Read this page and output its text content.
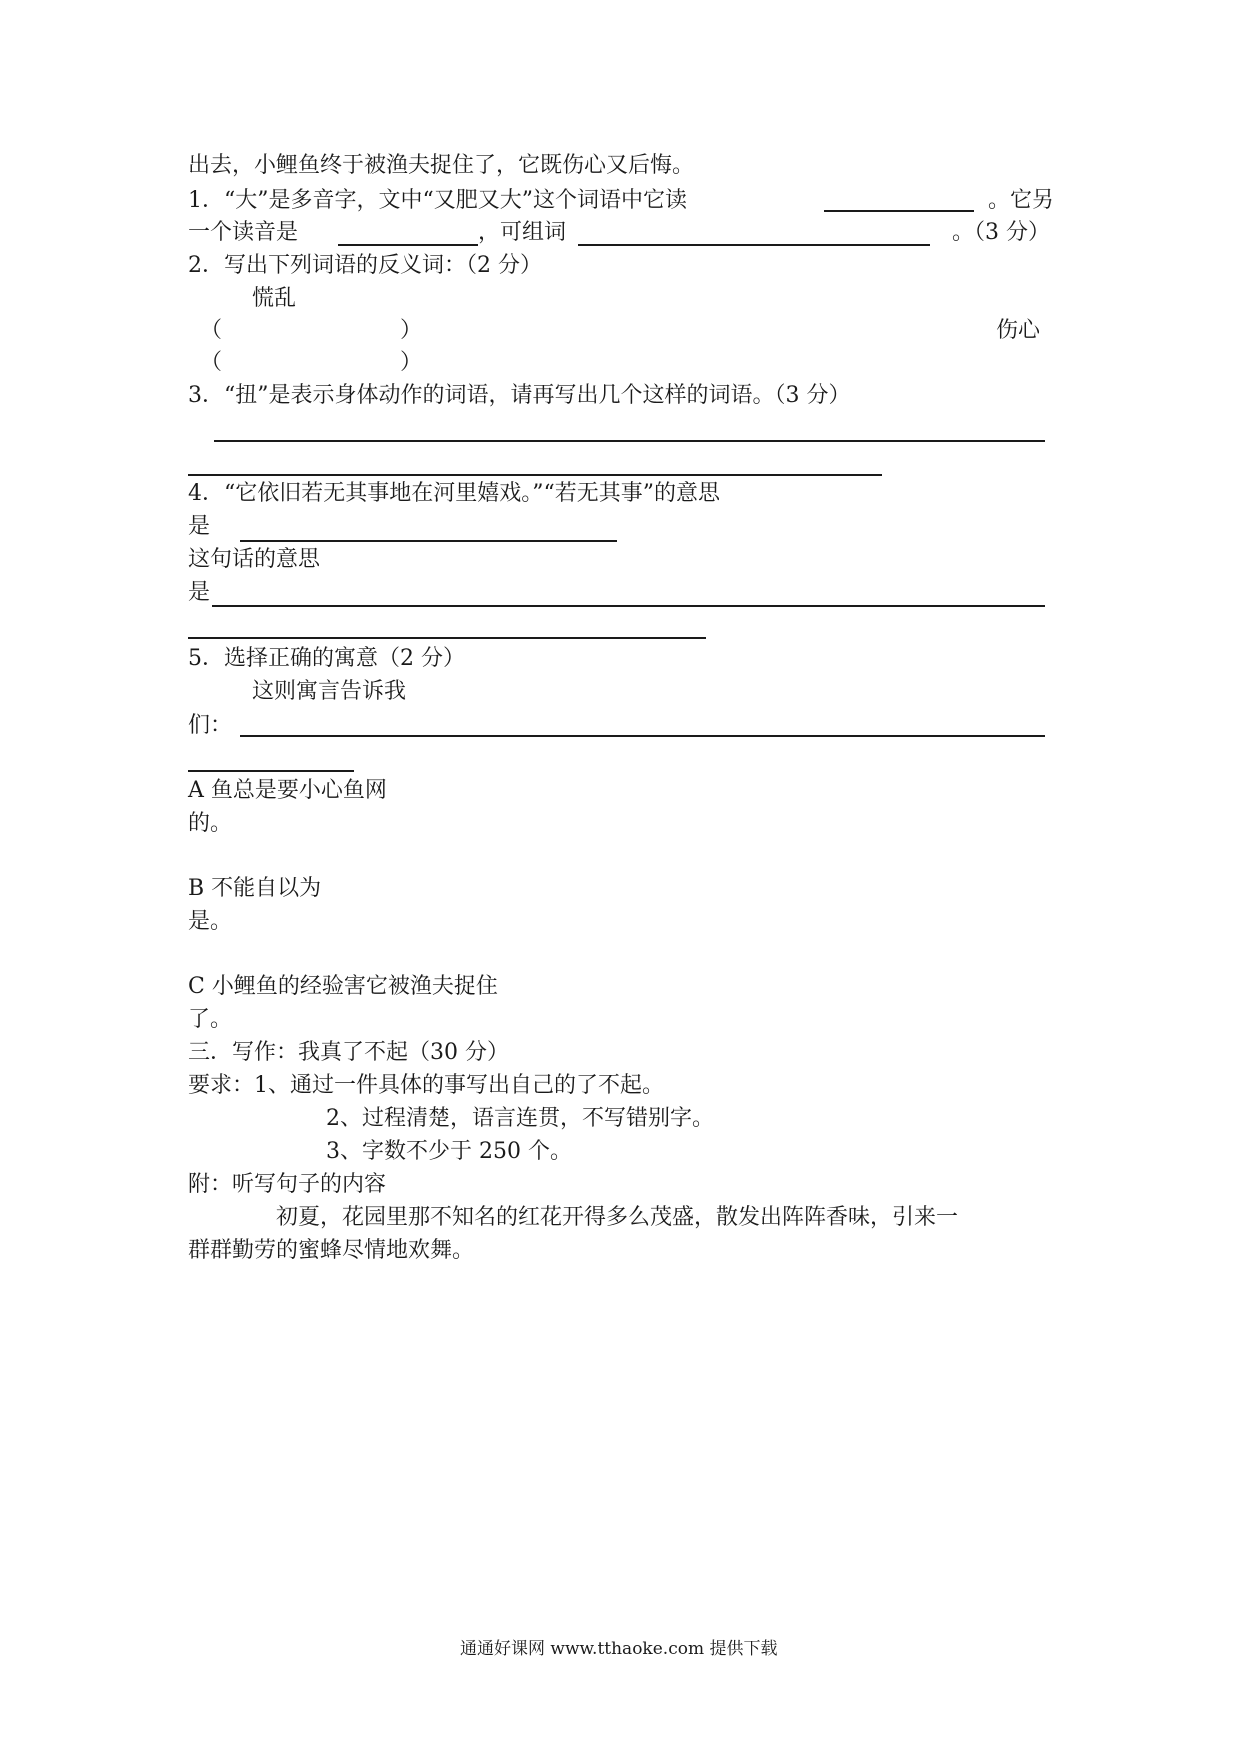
出去，小鲤鱼终于被渔夫捉住了，它既伤心又后悔。
1．“大”是多音字，文中“又肥又大”这个词语中它读	。它另
一个读音是	，可组词	。（3 分）
2．写出下列词语的反义词：（2 分）
慌乱
（	）	伤心
（	）
3．“扭”是表示身体动作的词语，请再写出几个这样的词语。（3 分）
4．“它依旧若无其事地在河里嬉戏。”“若无其事”的意思
是
这句话的意思
是
5．选择正确的寓意（2 分）
这则寓言告诉我
们：
A 鱼总是要小心鱼网
的。
B 不能自以为
是。
C 小鲤鱼的经验害它被渔夫捉住
了。
三．写作：我真了不起（30 分）
要求：1、通过一件具体的事写出自己的了不起。
2、过程清楚，语言连贯，不写错别字。
3、字数不少于 250 个。
附：听写句子的内容
初夏，花园里那不知名的红花开得多么茂盛，散发出阵阵香味，引来一
群群勤劳的蜜蜂尽情地欢舞。
通通好课网 www.tthaoke.com 提供下载
